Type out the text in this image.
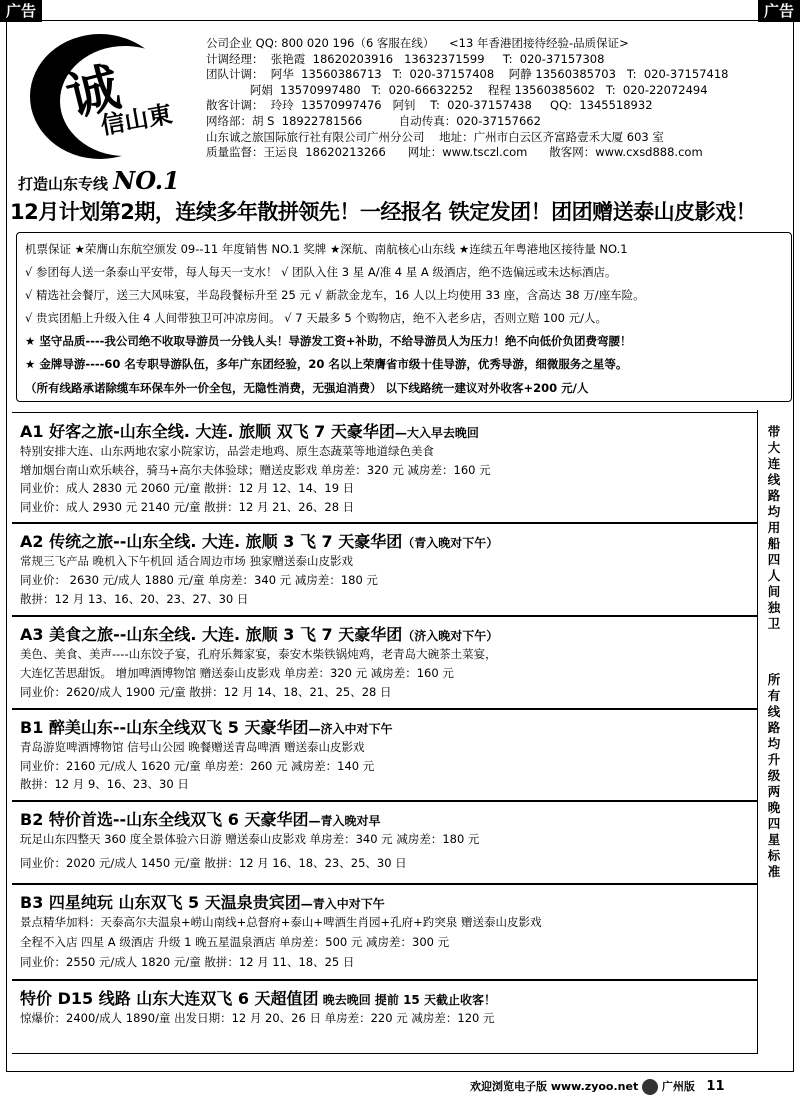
广告	广告
诚
信山東
打造山东专线 NO.1
公司企业 QQ: 800 020 196（6 客服在线）    <13 年香港团接待经验-品质保证>
计调经理：  张艳霞  18620203916   13632371599     T:  020-37157308
团队计调：  阿华  13560386713   T:  020-37157408    阿静 13560385703   T:  020-37157418
阿娟  13570997480   T:  020-66632252    程程 13560385602   T:  020-22072494
散客计调：  玲玲  13570997476   阿钊    T:  020-37157438     QQ:  1345518932
网络部：胡 S  18922781566          自动传真：020-37157662
山东诚之旅国际旅行社有限公司广州分公司    地址：广州市白云区齐富路壹禾大厦 603 室
质量监督：王运良  18620213266      网址：www.tsczl.com      散客网：www.cxsd888.com
12月计划第2期，连续多年散拼领先！一经报名 铁定发团！团团赠送泰山皮影戏！
机票保证 ★荣膺山东航空颁发 09--11 年度销售 NO.1 奖牌 ★深航、南航核心山东线 ★连续五年粤港地区接待量 NO.1
√ 参团每人送一条泰山平安带，每人每天一支水！ √ 团队入住 3 星 A/准 4 星 A 级酒店，绝不选偏远或未达标酒店。
√ 精选社会餐厅，送三大风味宴，半岛段餐标升至 25 元 √ 新款金龙车，16 人以上均使用 33 座，含高达 38 万/座车险。
√ 贵宾团船上升级入住 4 人间带独卫可冲凉房间。 √ 7 天最多 5 个购物店，绝不入老乡店，否则立赔 100 元/人。
★ 坚守品质----我公司绝不收取导游员一分钱人头！导游发工资+补助，不给导游员人为压力！绝不向低价负团费弯腰！
★ 金牌导游----60 名专职导游队伍，多年广东团经验，20 名以上荣膺省市级十佳导游，优秀导游，细微服务之星等。
（所有线路承诺除缆车环保车外一价全包，无隐性消费，无强迫消费） 以下线路统一建议对外收客+200 元/人
带大连线路均用船四人间独卫
所有线路均升级两晚四星标准
A1 好客之旅-山东全线. 大连. 旅顺 双飞 7 天豪华团—大入早去晚回
特别安排大连、山东两地农家小院家访，品尝走地鸡、原生态蔬菜等地道绿色美食
增加烟台南山欢乐峡谷，骑马+高尔夫体验球；赠送皮影戏 单房差：320 元 减房差：160 元
同业价：成人 2830 元 2060 元/童 散拼：12 月 12、14、19 日
同业价：成人 2930 元 2140 元/童 散拼：12 月 21、26、28 日
A2 传统之旅--山东全线. 大连. 旅顺 3 飞 7 天豪华团（青入晚对下午）
常规三飞产品 晚机入下午机回 适合周边市场 独家赠送泰山皮影戏
同业价： 2630 元/成人 1880 元/童 单房差：340 元 减房差：180 元
散拼：12 月 13、16、20、23、27、30 日
A3 美食之旅--山东全线. 大连. 旅顺 3 飞 7 天豪华团（济入晚对下午）
美色、美食、美声----山东饺子宴，孔府乐舞家宴，泰安木柴铁锅炖鸡，老青岛大碗茶土菜宴，
大连忆苦思甜饭。 增加啤酒博物馆 赠送泰山皮影戏 单房差：320 元 减房差：160 元
同业价：2620/成人 1900 元/童 散拼：12 月 14、18、21、25、28 日
B1 醉美山东--山东全线双飞 5 天豪华团—济入中对下午
青岛游览啤酒博物馆 信号山公园 晚餐赠送青岛啤酒 赠送泰山皮影戏
同业价：2160 元/成人 1620 元/童 单房差：260 元 减房差：140 元
散拼：12 月 9、16、23、30 日
B2 特价首选--山东全线双飞 6 天豪华团—青入晚对早
玩足山东四整天 360 度全景体验六日游 赠送泰山皮影戏 单房差：340 元 减房差：180 元
同业价：2020 元/成人 1450 元/童 散拼：12 月 16、18、23、25、30 日
B3 四星纯玩 山东双飞 5 天温泉贵宾团—青入中对下午
景点精华加料：天泰高尔夫温泉+崂山南线+总督府+泰山+啤酒生肖园+孔府+趵突泉 赠送泰山皮影戏
全程不入店 四星 A 级酒店 升级 1 晚五星温泉酒店 单房差：500 元 减房差：300 元
同业价：2550 元/成人 1820 元/童 散拼：12 月 11、18、25 日
特价 D15 线路 山东大连双飞 6 天超值团 晚去晚回 提前 15 天截止收客！
惊爆价：2400/成人 1890/童 出发日期：12 月 20、26 日 单房差：220 元 减房差：120 元
欢迎浏览电子版 www.zyoo.net 广州版 11
